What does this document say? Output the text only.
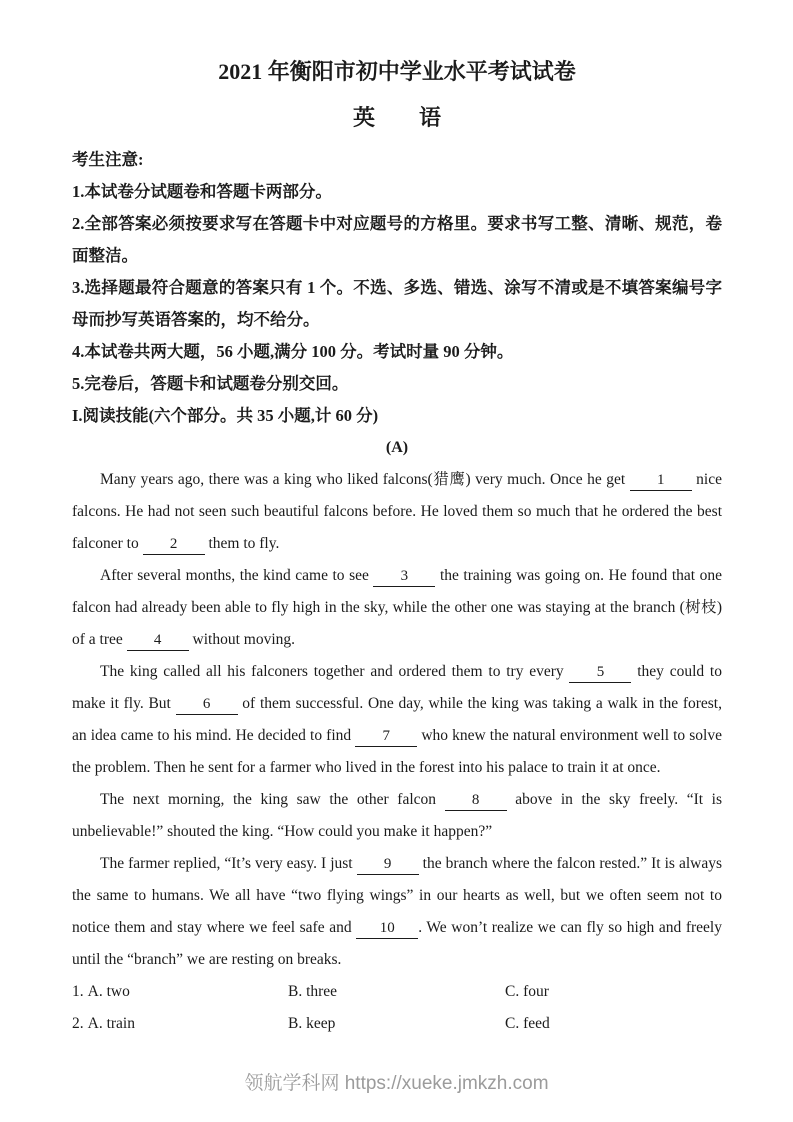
2021 年衡阳市初中学业水平考试试卷
英　　语
考生注意:
1.本试卷分试题卷和答题卡两部分。
2.全部答案必须按要求写在答题卡中对应题号的方格里。要求书写工整、清晰、规范，卷面整洁。
3.选择题最符合题意的答案只有 1 个。不选、多选、错选、涂写不清或是不填答案编号字母而抄写英语答案的，均不给分。
4.本试卷共两大题，56 小题,满分 100 分。考试时量 90 分钟。
5.完卷后，答题卡和试题卷分别交回。
I.阅读技能(六个部分。共 35 小题,计 60 分)
(A)

Many years ago, there was a king who liked falcons(猎鹰) very much. Once he get 1 nice falcons. He had not seen such beautiful falcons before. He loved them so much that he ordered the best falconer to 2 them to fly.

After several months, the kind came to see 3 the training was going on. He found that one falcon had already been able to fly high in the sky, while the other one was staying at the branch (树枝) of a tree 4 without moving.

The king called all his falconers together and ordered them to try every 5 they could to make it fly. But 6 of them successful. One day, while the king was taking a walk in the forest, an idea came to his mind. He decided to find 7 who knew the natural environment well to solve the problem. Then he sent for a farmer who lived in the forest into his palace to train it at once.

The next morning, the king saw the other falcon 8 above in the sky freely. “It is unbelievable!” shouted the king. “How could you make it happen?”

The farmer replied, “It’s very easy. I just 9 the branch where the falcon rested.” It is always the same to humans. We all have “two flying wings” in our hearts as well, but we often seem not to notice them and stay where we feel safe and 10 . We won’t realize we can fly so high and freely until the “branch” we are resting on breaks.

1. A. two	B. three	C. four
2. A. train	B. keep	C. feed
领航学科网 https://xueke.jmkzh.com
